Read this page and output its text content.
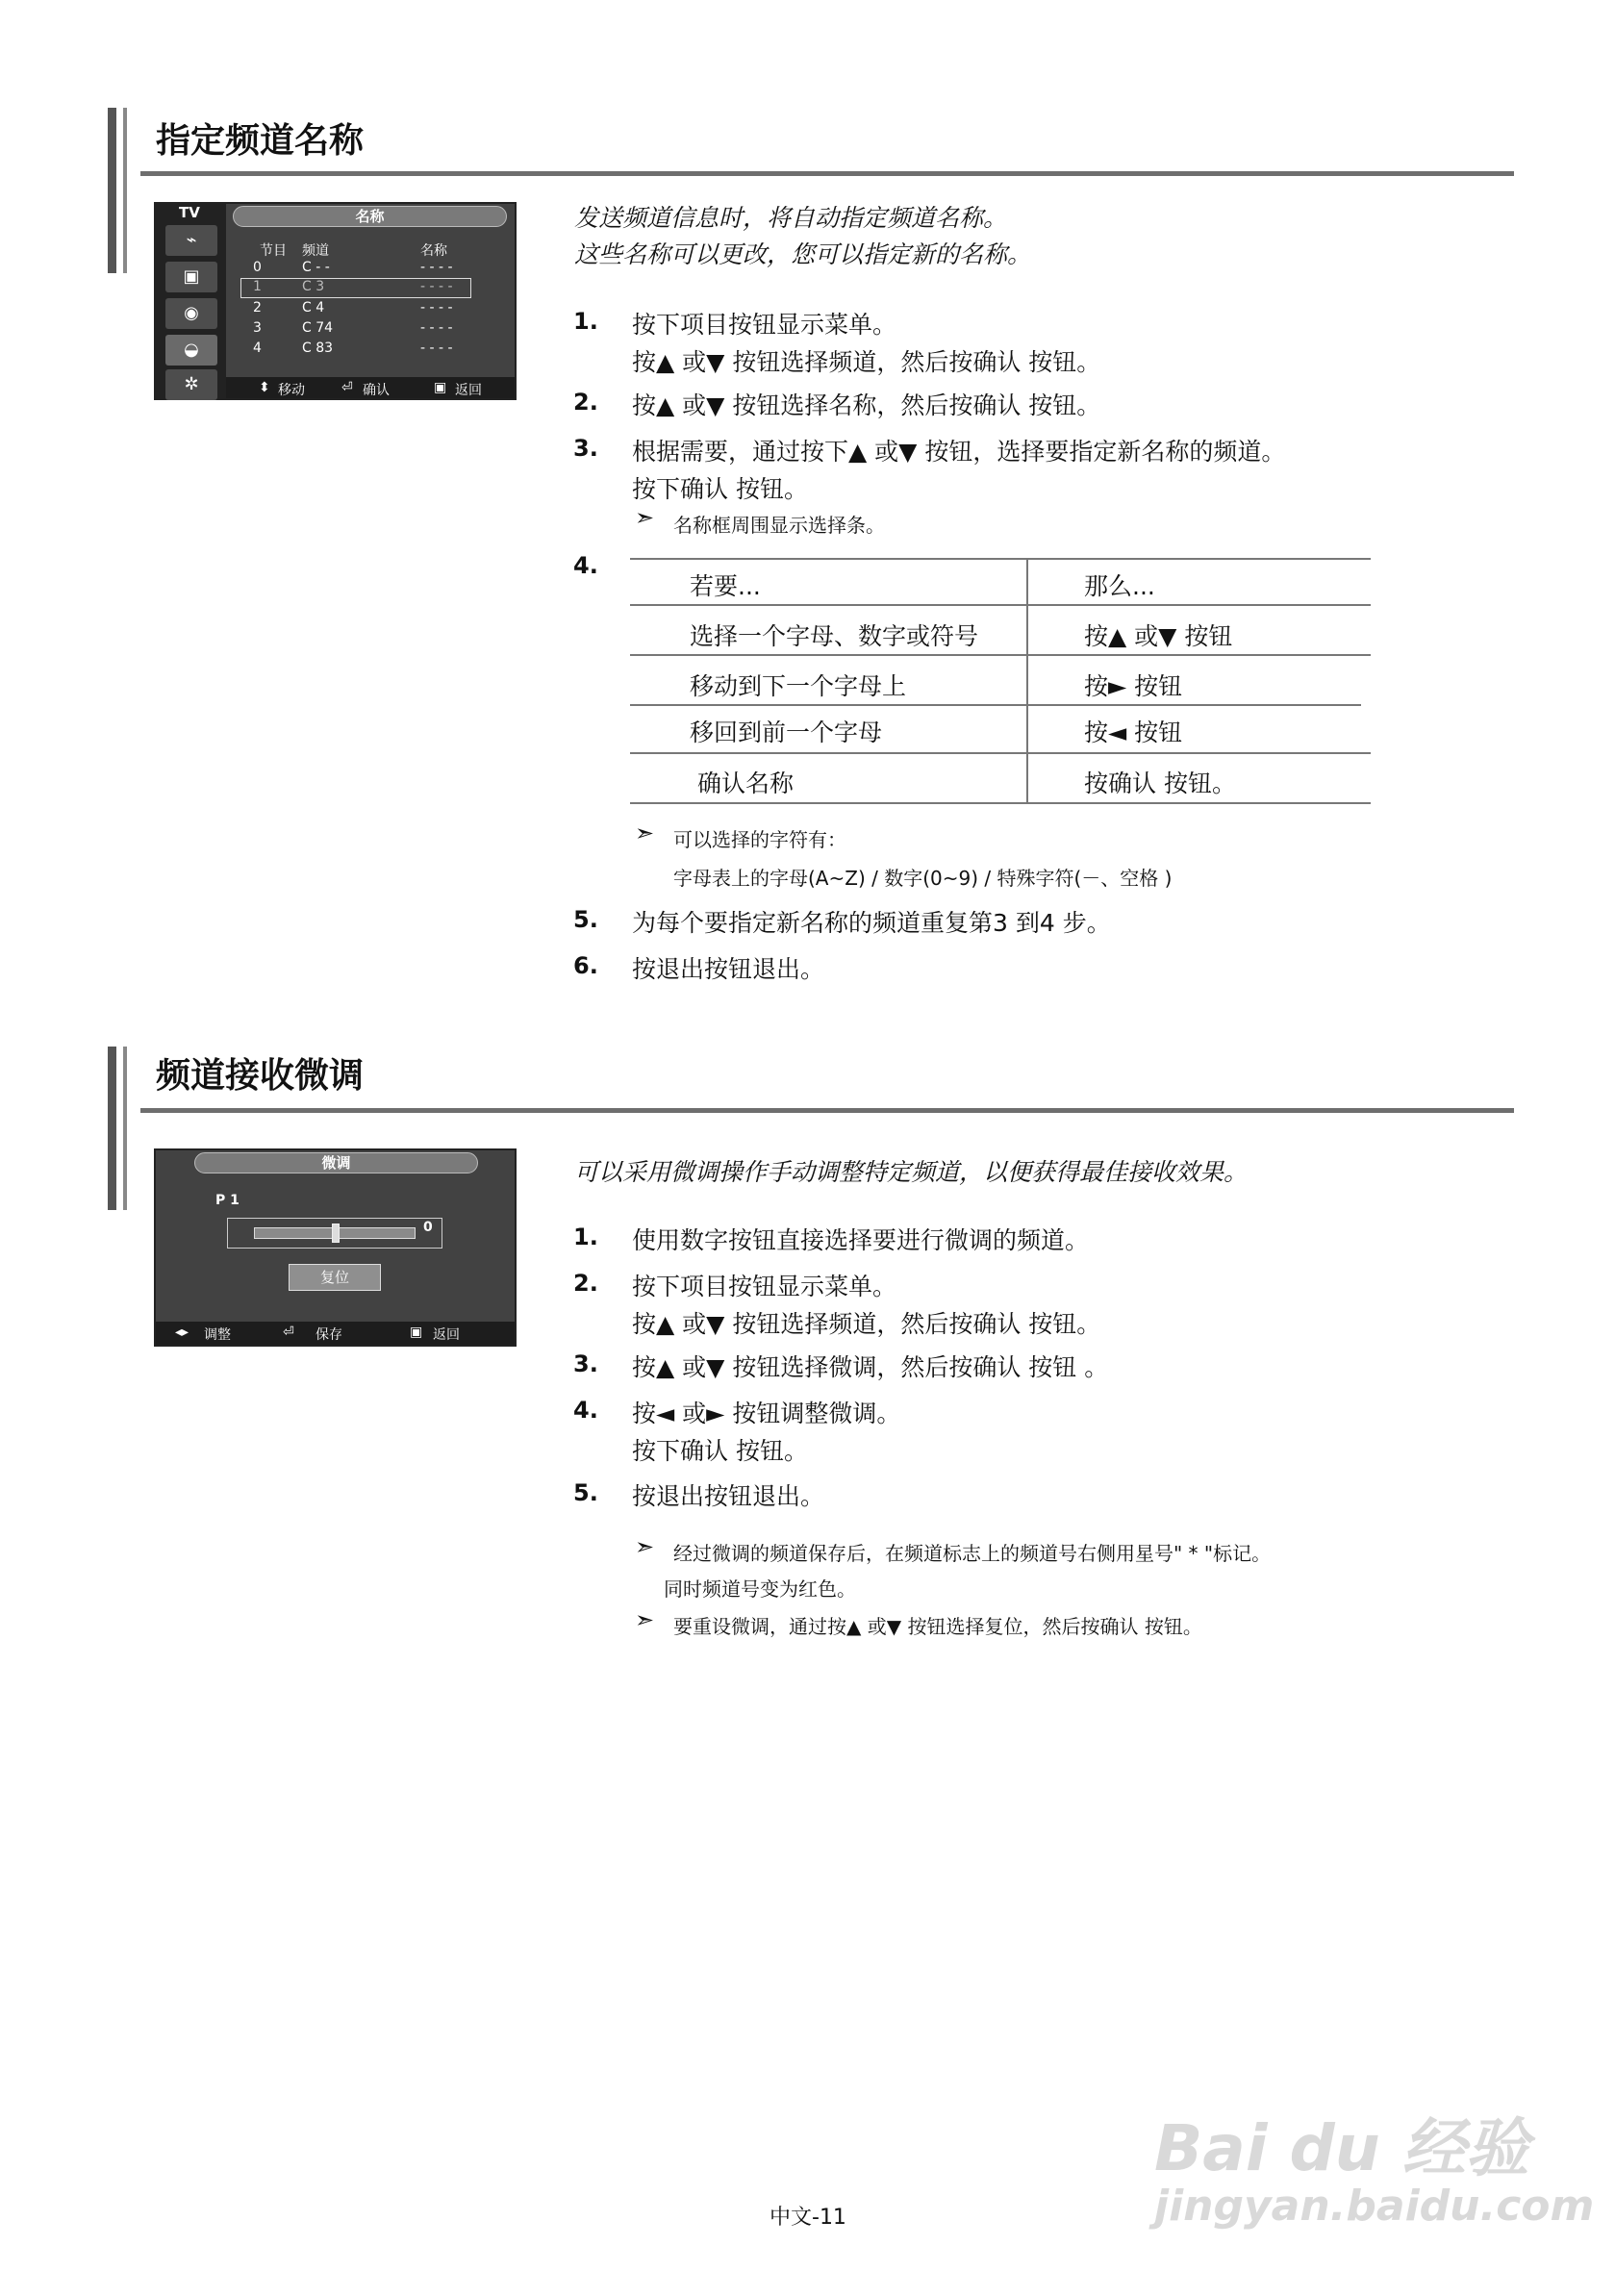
指定频道名称
TV
⌁
▣
◉
◒
✲
名称
节目 频道	名称
0	C - -	- - - -
1	C 3	- - - -
2	C 4	- - - -
3	C 74	- - - -
4	C 83	- - - -
⬍ 移动	⏎ 确认	▣ 返回
发送频道信息时，将自动指定频道名称。
这些名称可以更改，您可以指定新的名称。
1. 按下项目按钮显示菜单。
按▲ 或▼ 按钮选择频道，然后按确认 按钮。
2. 按▲ 或▼ 按钮选择名称，然后按确认 按钮。
3. 根据需要，通过按下▲ 或▼ 按钮，选择要指定新名称的频道。
按下确认 按钮。
➣ 名称框周围显示选择条。
4.
若要...	那么...
选择一个字母、数字或符号	按▲ 或▼ 按钮
移动到下一个字母上	按► 按钮
移回到前一个字母	按◄ 按钮
确认名称	按确认 按钮。
➣ 可以选择的字符有：
字母表上的字母(A~Z) / 数字(0~9) / 特殊字符(－、空格 )
5. 为每个要指定新名称的频道重复第3 到4 步。
6. 按退出按钮退出。
频道接收微调
微调
P 1
0
复位
◂▸ 调整	⏎ 保存	▣ 返回
可以采用微调操作手动调整特定频道，以便获得最佳接收效果。
1. 使用数字按钮直接选择要进行微调的频道。
2. 按下项目按钮显示菜单。
按▲ 或▼ 按钮选择频道，然后按确认 按钮。
3. 按▲ 或▼ 按钮选择微调，然后按确认 按钮 。
4. 按◄ 或► 按钮调整微调。
按下确认 按钮。
5. 按退出按钮退出。
➣ 经过微调的频道保存后，在频道标志上的频道号右侧用星号" * "标记。
同时频道号变为红色。
➣ 要重设微调，通过按▲ 或▼ 按钮选择复位，然后按确认 按钮。
中文-11
Bai du 经验
jingyan.baidu.com
